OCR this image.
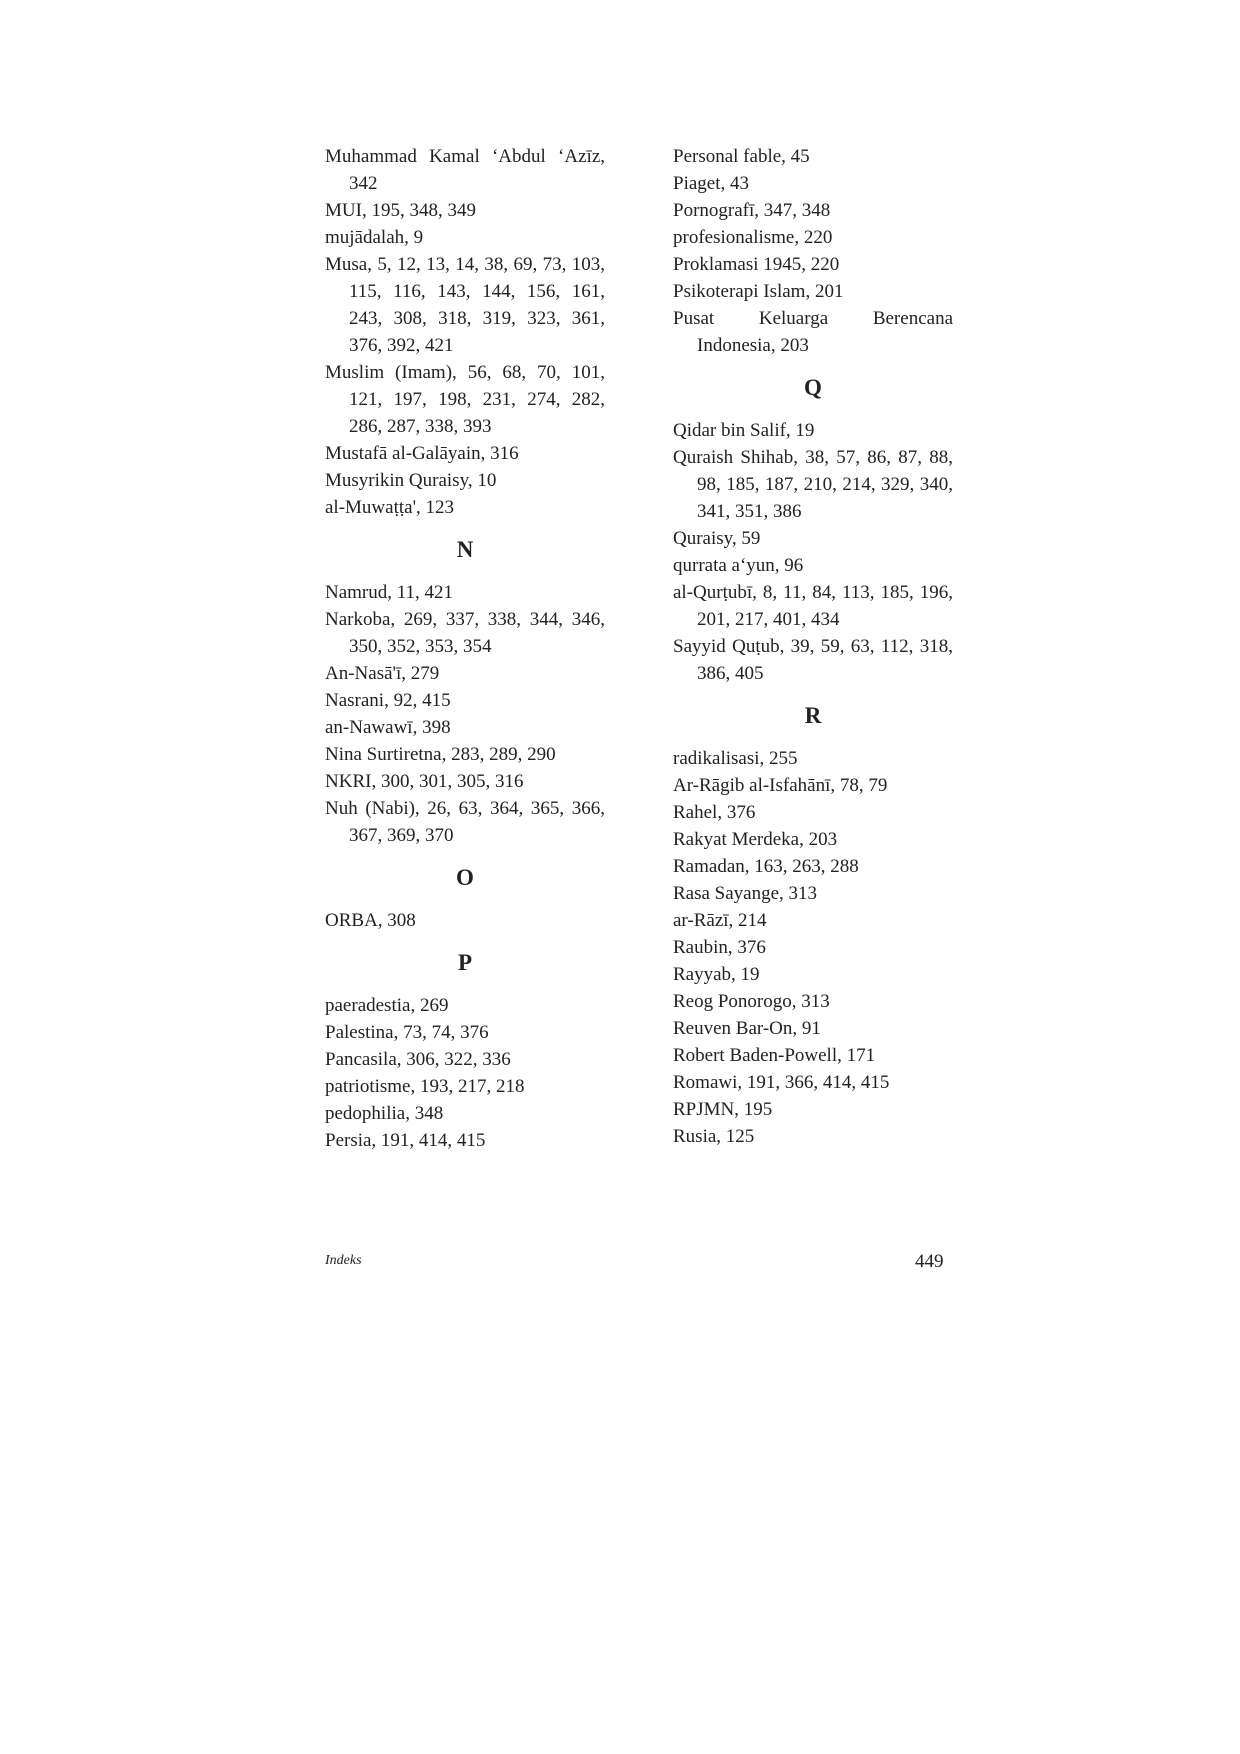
Muhammad Kamal ‘Abdul ‘Azīz, 342
MUI, 195, 348, 349
mujādalah, 9
Musa, 5, 12, 13, 14, 38, 69, 73, 103, 115, 116, 143, 144, 156, 161, 243, 308, 318, 319, 323, 361, 376, 392, 421
Muslim (Imam), 56, 68, 70, 101, 121, 197, 198, 231, 274, 282, 286, 287, 338, 393
Mustafā al-Galāyain, 316
Musyrikin Quraisy, 10
al-Muwaṭṭa', 123
N
Namrud, 11, 421
Narkoba, 269, 337, 338, 344, 346, 350, 352, 353, 354
An-Nasā'ī, 279
Nasrani, 92, 415
an-Nawawī, 398
Nina Surtiretna, 283, 289, 290
NKRI, 300, 301, 305, 316
Nuh (Nabi), 26, 63, 364, 365, 366, 367, 369, 370
O
ORBA, 308
P
paeradestia, 269
Palestina, 73, 74, 376
Pancasila, 306, 322, 336
patriotisme, 193, 217, 218
pedophilia, 348
Persia, 191, 414, 415
Personal fable, 45
Piaget, 43
Pornografī, 347, 348
profesionalisme, 220
Proklamasi 1945, 220
Psikoterapi Islam, 201
Pusat Keluarga Berencana Indonesia, 203
Q
Qidar bin Salif, 19
Quraish Shihab, 38, 57, 86, 87, 88, 98, 185, 187, 210, 214, 329, 340, 341, 351, 386
Quraisy, 59
qurrata a‘yun, 96
al-Qurṭubī, 8, 11, 84, 113, 185, 196, 201, 217, 401, 434
Sayyid Quṭub, 39, 59, 63, 112, 318, 386, 405
R
radikalisasi, 255
Ar-Rāgib al-Isfahānī, 78, 79
Rahel, 376
Rakyat Merdeka, 203
Ramadan, 163, 263, 288
Rasa Sayange, 313
ar-Rāzī, 214
Raubin, 376
Rayyab, 19
Reog Ponorogo, 313
Reuven Bar-On, 91
Robert Baden-Powell, 171
Romawi, 191, 366, 414, 415
RPJMN, 195
Rusia, 125
Indeks	449
